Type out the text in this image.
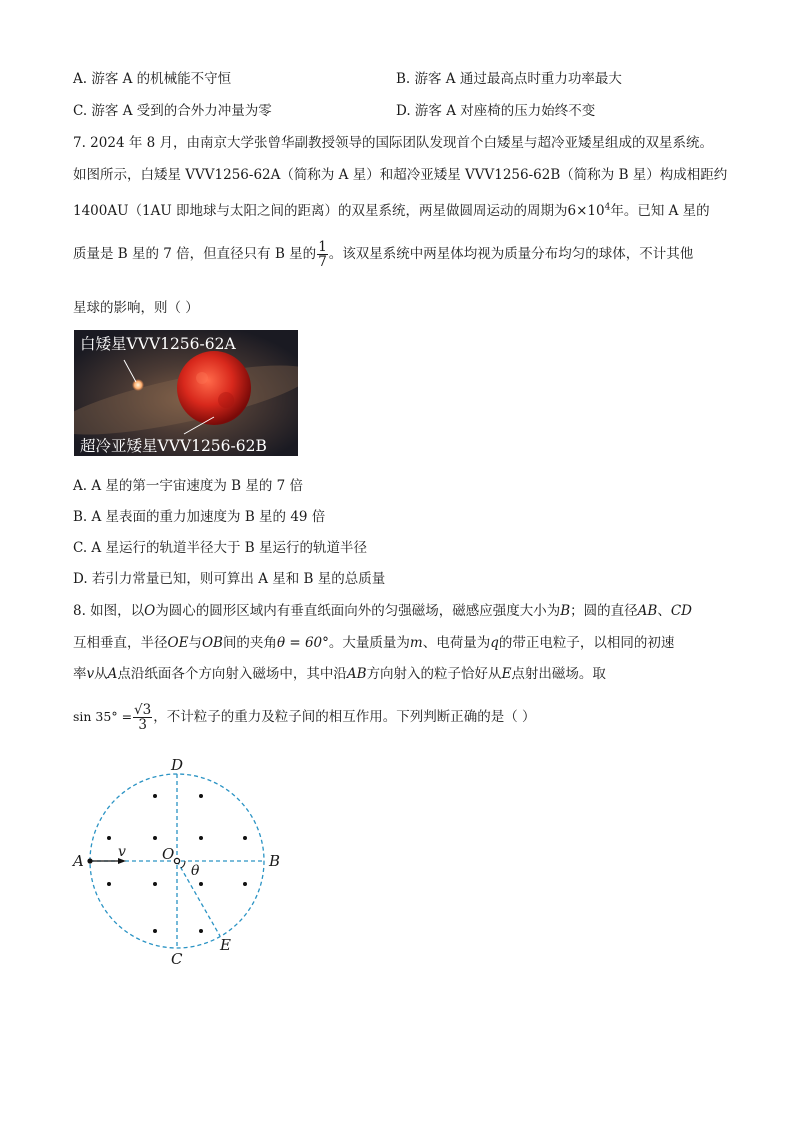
A. 游客 A 的机械能不守恒	B. 游客 A 通过最高点时重力功率最大
C. 游客 A 受到的合外力冲量为零	D. 游客 A 对座椅的压力始终不变
7. 2024 年 8 月，由南京大学张曾华副教授领导的国际团队发现首个白矮星与超冷亚矮星组成的双星系统。
如图所示，白矮星 VVV1256-62A（简称为 A 星）和超冷亚矮星 VVV1256-62B（简称为 B 星）构成相距约
1400AU（1AU 即地球与太阳之间的距离）的双星系统，两星做圆周运动的周期为$6\times 10^4$年。已知 A 星的
质量是 B 星的 7 倍，但直径只有 B 星的 $\frac{1}{7}$ 。该双星系统中两星体均视为质量分布均匀的球体，不计其他
星球的影响，则（ ）
白矮星VVV1256-62A
超冷亚矮星VVV1256-62B
A. A 星的第一宇宙速度为 B 星的 7 倍
B. A 星表面的重力加速度为 B 星的 49 倍
C. A 星运行的轨道半径大于 B 星运行的轨道半径
D. 若引力常量已知，则可算出 A 星和 B 星的总质量
8. 如图，以O为圆心的圆形区域内有垂直纸面向外的匀强磁场，磁感应强度大小为B；圆的直径AB、CD
互相垂直，半径OE与OB间的夹角θ = 60°。大量质量为m、电荷量为q的带正电粒子，以相同的初速
率v从A点沿纸面各个方向射入磁场中，其中沿AB方向射入的粒子恰好从E点射出磁场。取
$\sin 35^\circ = \frac{√3}{3}$ ，不计粒子的重力及粒子间的相互作用。下列判断正确的是（ ）
D
A v O
θ
B
E
C
